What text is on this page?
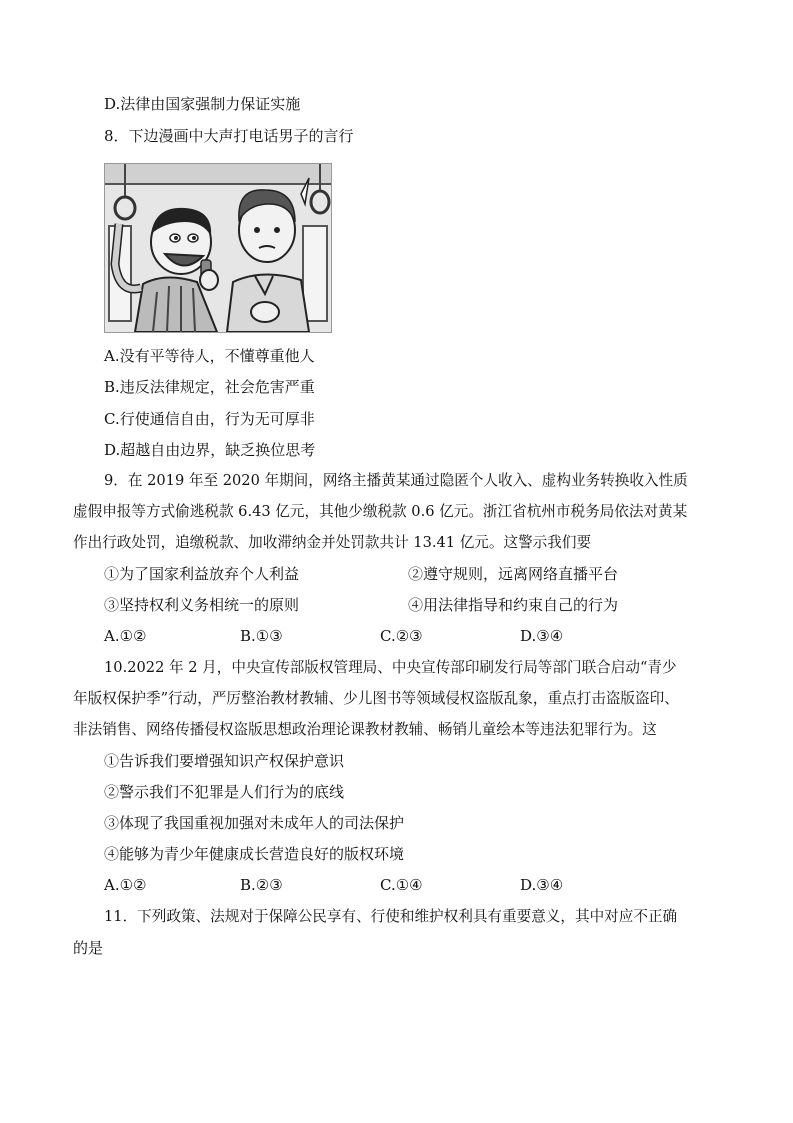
D.法律由国家强制力保证实施
8．下边漫画中大声打电话男子的言行
A.没有平等待人，不懂尊重他人
B.违反法律规定，社会危害严重
C.行使通信自由，行为无可厚非
D.超越自由边界，缺乏换位思考
9．在 2019 年至 2020 年期间，网络主播黄某通过隐匿个人收入、虚构业务转换收入性质
虚假申报等方式偷逃税款 6.43 亿元，其他少缴税款 0.6 亿元。浙江省杭州市税务局依法对黄某
作出行政处罚，追缴税款、加收滞纳金并处罚款共计 13.41 亿元。这警示我们要
①为了国家利益放弃个人利益	②遵守规则，远离网络直播平台
③坚持权利义务相统一的原则	④用法律指导和约束自己的行为
A.①②	B.①③	C.②③	D.③④
10.2022 年 2 月，中央宣传部版权管理局、中央宣传部印刷发行局等部门联合启动“青少
年版权保护季”行动，严厉整治教材教辅、少儿图书等领域侵权盗版乱象，重点打击盗版盗印、
非法销售、网络传播侵权盗版思想政治理论课教材教辅、畅销儿童绘本等违法犯罪行为。这
①告诉我们要增强知识产权保护意识
②警示我们不犯罪是人们行为的底线
③体现了我国重视加强对未成年人的司法保护
④能够为青少年健康成长营造良好的版权环境
A.①②	B.②③	C.①④	D.③④
11．下列政策、法规对于保障公民享有、行使和维护权利具有重要意义，其中对应不正确
的是
